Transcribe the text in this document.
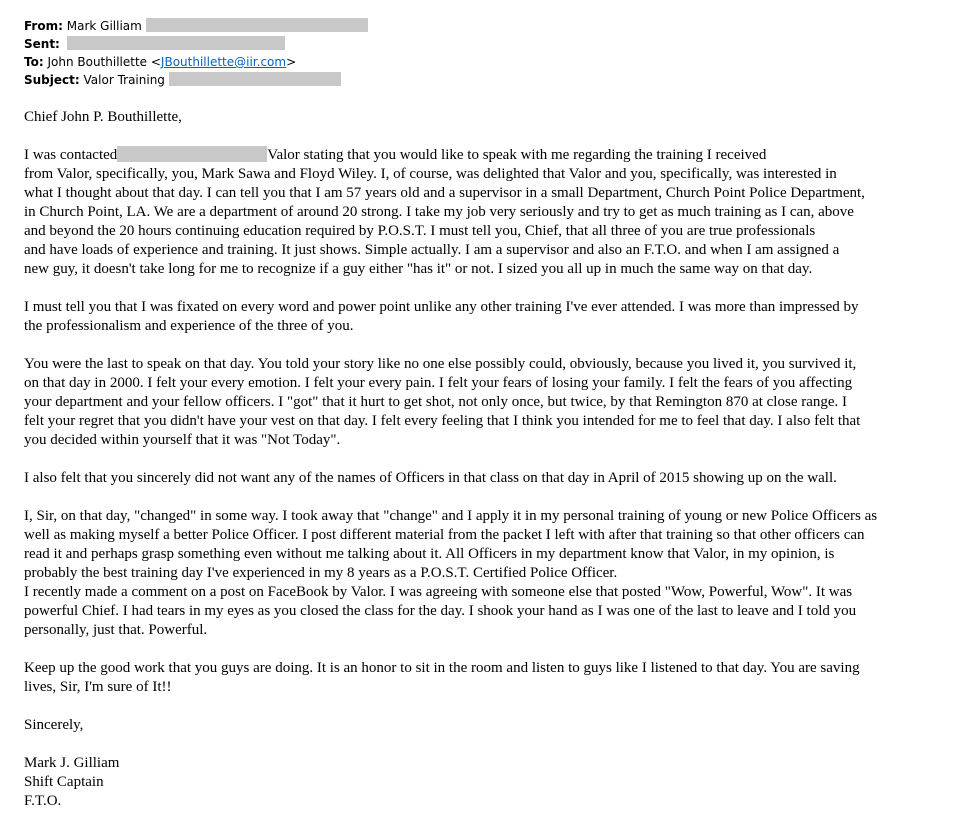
From: Mark Gilliam
Sent:
To: John Bouthillette <JBouthillette@iir.com>
Subject: Valor Training

Chief John P. Bouthillette,

I was contacted	Valor stating that you would like to speak with me regarding the training I received

from Valor, specifically, you, Mark Sawa and Floyd Wiley. I, of course, was delighted that Valor and you, specifically, was interested in

what I thought about that day. I can tell you that I am 57 years old and a supervisor in a small Department, Church Point Police Department,

in Church Point, LA. We are a department of around 20 strong. I take my job very seriously and try to get as much training as I can, above

and beyond the 20 hours continuing education required by P.O.S.T. I must tell you, Chief, that all three of you are true professionals

and have loads of experience and training. It just shows. Simple actually. I am a supervisor and also an F.T.O. and when I am assigned a

new guy, it doesn't take long for me to recognize if a guy either "has it" or not. I sized you all up in much the same way on that day.

I must tell you that I was fixated on every word and power point unlike any other training I've ever attended. I was more than impressed by

the professionalism and experience of the three of you.

You were the last to speak on that day. You told your story like no one else possibly could, obviously, because you lived it, you survived it,

on that day in 2000. I felt your every emotion. I felt your every pain. I felt your fears of losing your family. I felt the fears of you affecting

your department and your fellow officers. I "got" that it hurt to get shot, not only once, but twice, by that Remington 870 at close range. I

felt your regret that you didn't have your vest on that day. I felt every feeling that I think you intended for me to feel that day. I also felt that

you decided within yourself that it was "Not Today".

I also felt that you sincerely did not want any of the names of Officers in that class on that day in April of 2015 showing up on the wall.

I, Sir, on that day, "changed" in some way. I took away that "change" and I apply it in my personal training of young or new Police Officers as

well as making myself a better Police Officer. I post different material from the packet I left with after that training so that other officers can

read it and perhaps grasp something even without me talking about it. All Officers in my department know that Valor, in my opinion, is

probably the best training day I've experienced in my 8 years as a P.O.S.T. Certified Police Officer.

I recently made a comment on a post on FaceBook by Valor. I was agreeing with someone else that posted "Wow, Powerful, Wow". It was

powerful Chief. I had tears in my eyes as you closed the class for the day. I shook your hand as I was one of the last to leave and I told you

personally, just that. Powerful.

Keep up the good work that you guys are doing. It is an honor to sit in the room and listen to guys like I listened to that day. You are saving

lives, Sir, I'm sure of It!!

Sincerely,

Mark J. Gilliam

Shift Captain

F.T.O.
